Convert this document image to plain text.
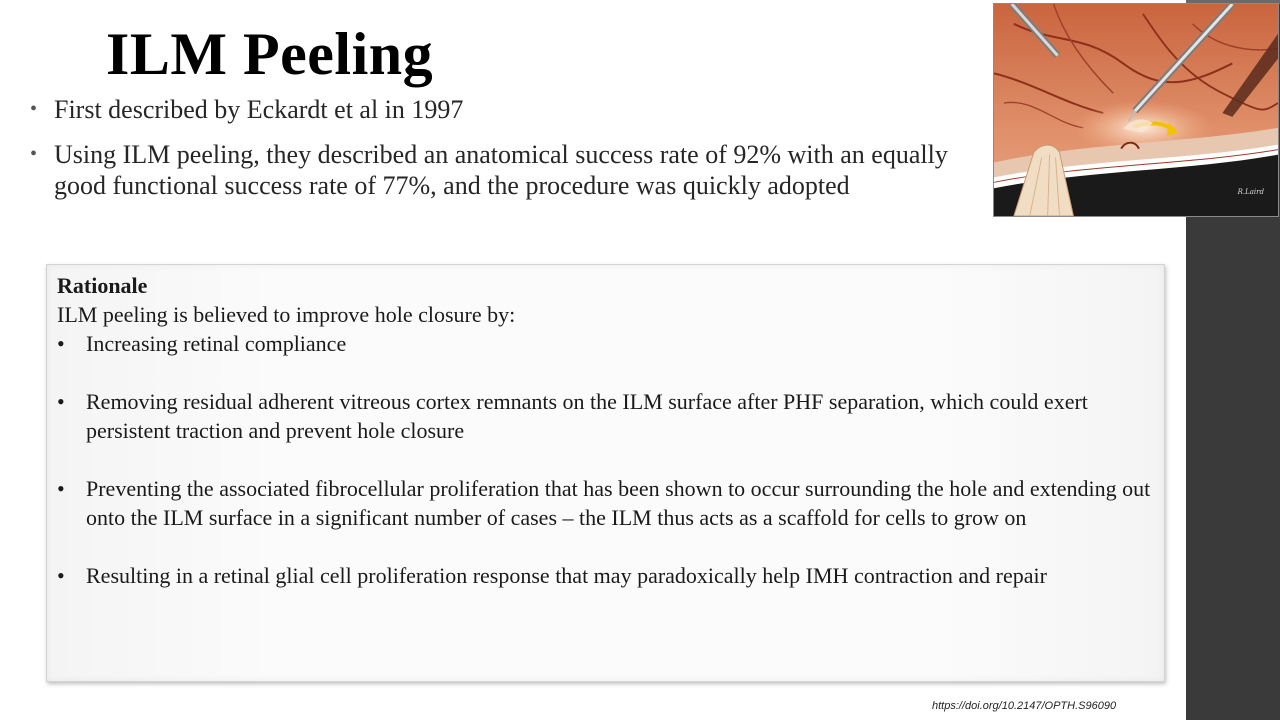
ILM Peeling
• First described by Eckardt et al in 1997
• Using ILM peeling, they described an anatomical success rate of 92% with an equally good functional success rate of 77%, and the procedure was quickly adopted	R.Laird
Rationale
ILM peeling is believed to improve hole closure by:
• Increasing retinal compliance
• Removing residual adherent vitreous cortex remnants on the ILM surface after PHF separation, which could exert persistent traction and prevent hole closure
• Preventing the associated fibrocellular proliferation that has been shown to occur surrounding the hole and extending out onto the ILM surface in a significant number of cases – the ILM thus acts as a scaffold for cells to grow on
• Resulting in a retinal glial cell proliferation response that may paradoxically help IMH contraction and repair
https://doi.org/10.2147/OPTH.S96090
